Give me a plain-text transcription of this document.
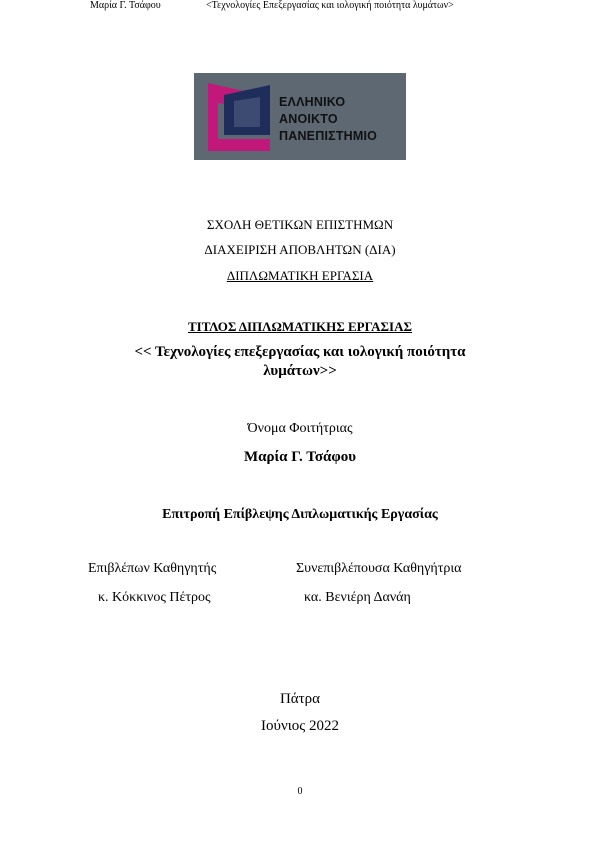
Μαρία Γ. Τσάφου	<Τεχνολογίες Επεξεργασίας και ιολογική ποιότητα λυμάτων>
ΕΛΛΗΝΙΚΟ
ΑΝΟΙΚΤΟ
ΠΑΝΕΠΙΣΤΗΜΙΟ
ΣΧΟΛΗ ΘΕΤΙΚΩΝ ΕΠΙΣΤΗΜΩΝ
ΔΙΑΧΕΙΡΙΣΗ ΑΠΟΒΛΗΤΩΝ (ΔΙΑ)
ΔΙΠΛΩΜΑΤΙΚΗ ΕΡΓΑΣΙΑ
ΤΙΤΛΟΣ ΔΙΠΛΩΜΑΤΙΚΗΣ ΕΡΓΑΣΙΑΣ
<< Τεχνολογίες επεξεργασίας και ιολογική ποιότητα
λυμάτων>>
Όνομα Φοιτήτριας
Μαρία Γ. Τσάφου
Επιτροπή Επίβλεψης Διπλωματικής Εργασίας
Επιβλέπων Καθηγητής
κ. Κόκκινος Πέτρος
Συνεπιβλέπουσα Καθηγήτρια
κα. Βενιέρη Δανάη
Πάτρα
Ιούνιος 2022
0
